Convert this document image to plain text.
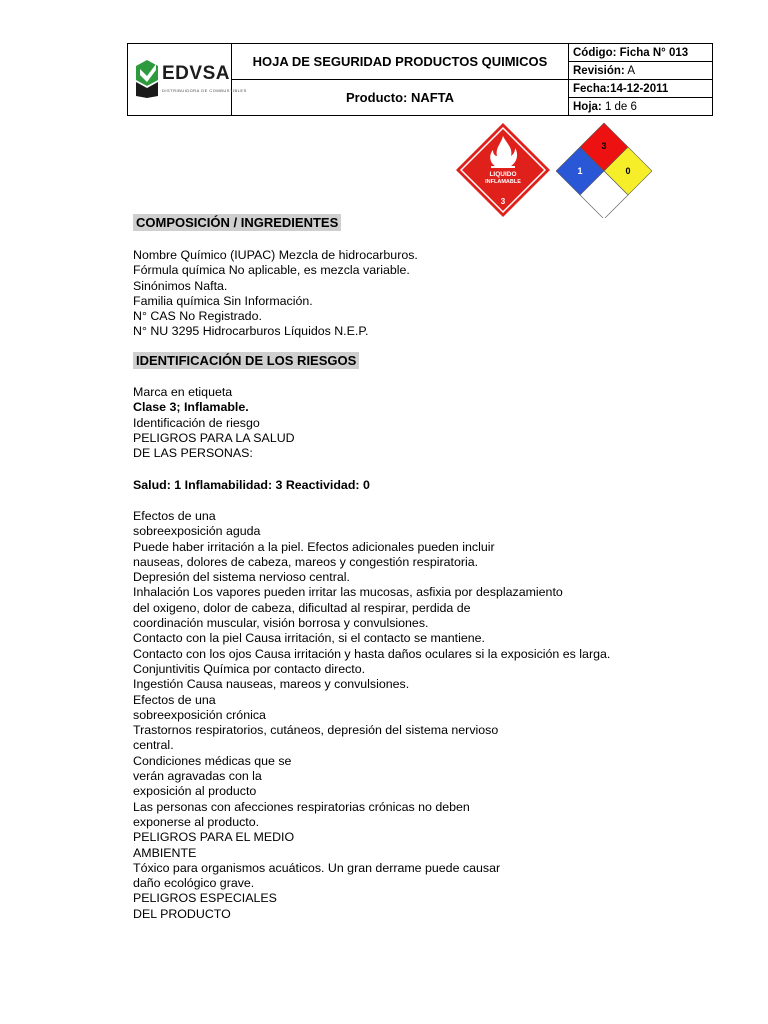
EDVSA
DISTRIBUIDORA DE COMBUSTIBLES	HOJA DE SEGURIDAD PRODUCTOS QUIMICOS	Código: Ficha N° 013
		Revisión: A
	Producto: NAFTA	Fecha:14-12-2011
		Hoja: 1 de 6
LIQUIDO
INFLAMABLE
3
3
1	0
COMPOSICIÓN / INGREDIENTES
Nombre Químico (IUPAC) Mezcla de hidrocarburos.
Fórmula química No aplicable, es mezcla variable.
Sinónimos Nafta.
Familia química Sin Información.
N° CAS No Registrado.
N° NU 3295 Hidrocarburos Líquidos N.E.P.
IDENTIFICACIÓN DE LOS RIESGOS
Marca en etiqueta
Clase 3; Inflamable.
Identificación de riesgo
PELIGROS PARA LA SALUD
DE LAS PERSONAS:
Salud: 1 Inflamabilidad: 3 Reactividad: 0
Efectos de una
sobreexposición aguda
Puede haber irritación a la piel. Efectos adicionales pueden incluir
nauseas, dolores de cabeza, mareos y congestión respiratoria.
Depresión del sistema nervioso central.
Inhalación Los vapores pueden irritar las mucosas, asfixia por desplazamiento
del oxigeno, dolor de cabeza, dificultad al respirar, perdida de
coordinación muscular, visión borrosa y convulsiones.
Contacto con la piel Causa irritación, si el contacto se mantiene.
Contacto con los ojos Causa irritación y hasta daños oculares si la exposición es larga.
Conjuntivitis Química por contacto directo.
Ingestión Causa nauseas, mareos y convulsiones.
Efectos de una
sobreexposición crónica
Trastornos respiratorios, cutáneos, depresión del sistema nervioso
central.
Condiciones médicas que se
verán agravadas con la
exposición al producto
Las personas con afecciones respiratorias crónicas no deben
exponerse al producto.
PELIGROS PARA EL MEDIO
AMBIENTE
Tóxico para organismos acuáticos. Un gran derrame puede causar
daño ecológico grave.
PELIGROS ESPECIALES
DEL PRODUCTO
